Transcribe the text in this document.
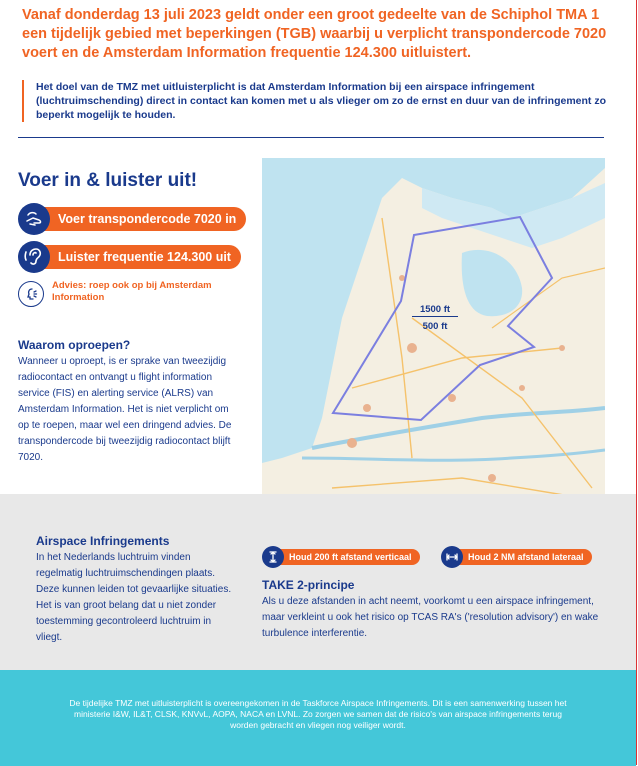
Vanaf donderdag 13 juli 2023 geldt onder een groot gedeelte van de Schiphol TMA 1 een tijdelijk gebied met beperkingen (TGB) waarbij u verplicht transpondercode 7020 voert en de Amsterdam Information frequentie 124.300 uitluistert.

Het doel van de TMZ met uitluisterplicht is dat Amsterdam Information bij een airspace infringement (luchtruimschending) direct in contact kan komen met u als vlieger om zo de ernst en duur van de infringement zo beperkt mogelijk te houden.
Voer in & luister uit!
Voer transpondercode 7020 in
Luister frequentie 124.300 uit
Advies: roep ook op bij Amsterdam Information
Waarom oproepen?

Wanneer u oproept, is er sprake van tweezijdig radiocontact en ontvangt u flight information service (FIS) en alerting service (ALRS) van Amsterdam Information. Het is niet verplicht om op te roepen, maar wel een dringend advies. De transpondercode bij tweezijdig radiocontact blijft 7020.

1500 ft
500 ft
Airspace Infringements

In het Nederlands luchtruim vinden regelmatig luchtruimschendingen plaats. Deze kunnen leiden tot gevaarlijke situaties. Het is van groot belang dat u niet zonder toestemming gecontroleerd luchtruim in vliegt.

Houd 200 ft afstand verticaal	Houd 2 NM afstand lateraal
TAKE 2-principe

Als u deze afstanden in acht neemt, voorkomt u een airspace infringement, maar verkleint u ook het risico op TCAS RA's ('resolution advisory') en wake turbulence interferentie.

De tijdelijke TMZ met uitluisterplicht is overeengekomen in de Taskforce Airspace Infringements. Dit is een samenwerking tussen het ministerie I&W, IL&T, CLSK, KNVvL, AOPA, NACA en LVNL. Zo zorgen we samen dat de risico's van airspace infringements terug worden gebracht en vliegen nog veiliger wordt.
